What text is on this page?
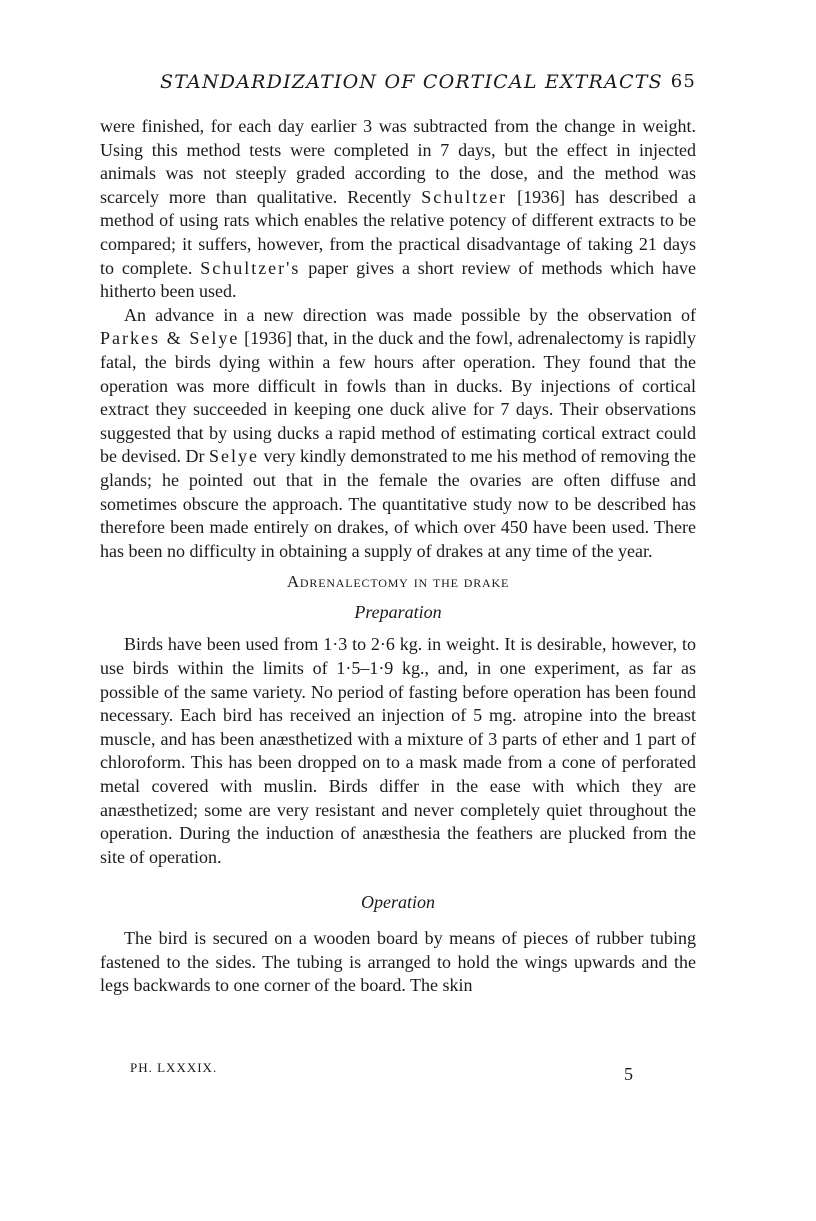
STANDARDIZATION OF CORTICAL EXTRACTS 65

were finished, for each day earlier 3 was subtracted from the change in weight. Using this method tests were completed in 7 days, but the effect in injected animals was not steeply graded according to the dose, and the method was scarcely more than qualitative. Recently Schultzer [1936] has described a method of using rats which enables the relative potency of different extracts to be compared; it suffers, however, from the practical disadvantage of taking 21 days to complete. Schultzer's paper gives a short review of methods which have hitherto been used.

An advance in a new direction was made possible by the observation of Parkes & Selye [1936] that, in the duck and the fowl, adrenalectomy is rapidly fatal, the birds dying within a few hours after operation. They found that the operation was more difficult in fowls than in ducks. By injections of cortical extract they succeeded in keeping one duck alive for 7 days. Their observations suggested that by using ducks a rapid method of estimating cortical extract could be devised. Dr Selye very kindly demonstrated to me his method of removing the glands; he pointed out that in the female the ovaries are often diffuse and sometimes obscure the approach. The quantitative study now to be described has therefore been made entirely on drakes, of which over 450 have been used. There has been no difficulty in obtaining a supply of drakes at any time of the year.

Adrenalectomy in the drake
Preparation

Birds have been used from 1·3 to 2·6 kg. in weight. It is desirable, however, to use birds within the limits of 1·5–1·9 kg., and, in one experiment, as far as possible of the same variety. No period of fasting before operation has been found necessary. Each bird has received an injection of 5 mg. atropine into the breast muscle, and has been anæsthetized with a mixture of 3 parts of ether and 1 part of chloroform. This has been dropped on to a mask made from a cone of perforated metal covered with muslin. Birds differ in the ease with which they are anæsthetized; some are very resistant and never completely quiet throughout the operation. During the induction of anæsthesia the feathers are plucked from the site of operation.

Operation

The bird is secured on a wooden board by means of pieces of rubber tubing fastened to the sides. The tubing is arranged to hold the wings upwards and the legs backwards to one corner of the board. The skin

PH. LXXXIX.	5
